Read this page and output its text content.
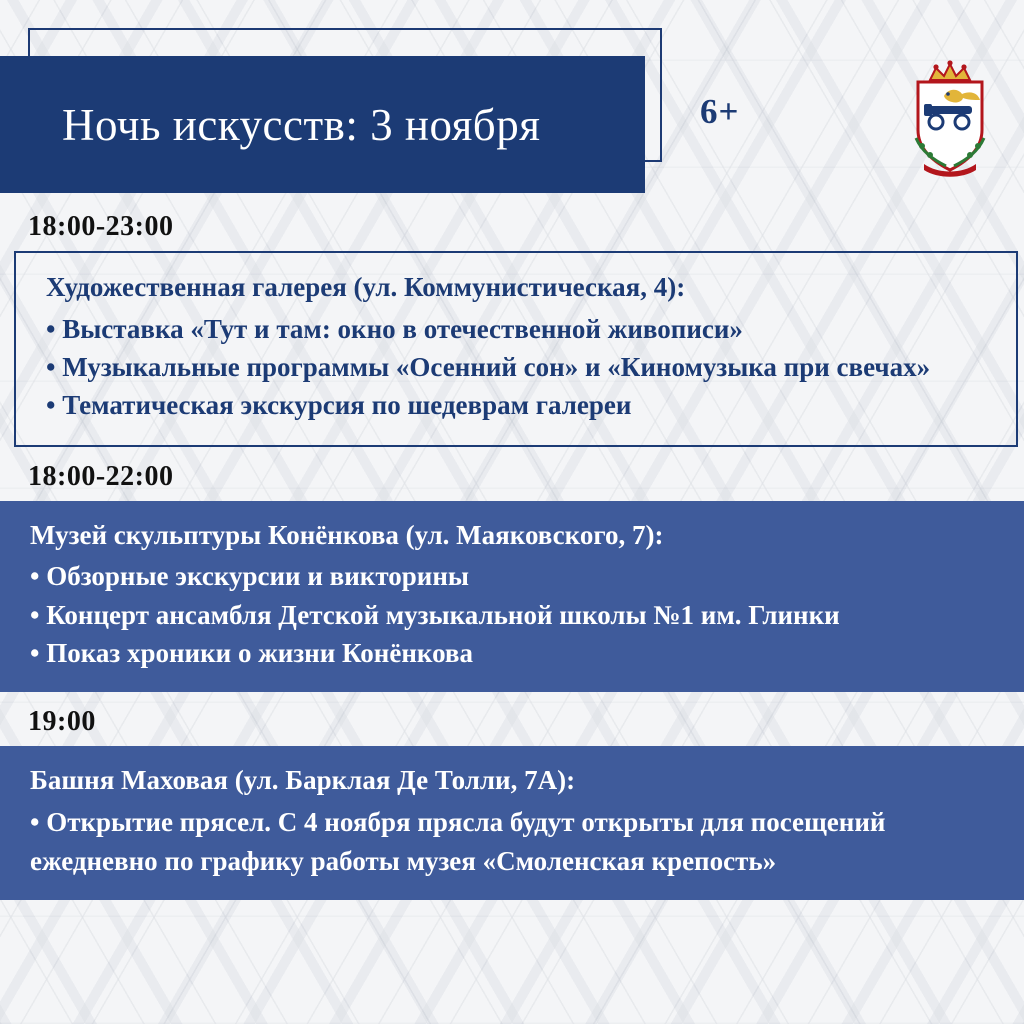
Ночь искусств: 3 ноября	6+
18:00-23:00
Художественная галерея (ул. Коммунистическая, 4):
• Выставка «Тут и там: окно в отечественной живописи»
• Музыкальные программы «Осенний сон» и «Киномузыка при свечах»
• Тематическая экскурсия по шедеврам галереи
18:00-22:00
Музей скульптуры Конёнкова (ул. Маяковского, 7):
• Обзорные экскурсии и викторины
• Концерт ансамбля Детской музыкальной школы №1 им. Глинки
• Показ хроники о жизни Конёнкова
19:00
Башня Маховая (ул. Барклая Де Толли, 7А):
• Открытие прясел. С 4 ноября прясла будут открыты для посещений ежедневно по графику работы музея «Смоленская крепость»
